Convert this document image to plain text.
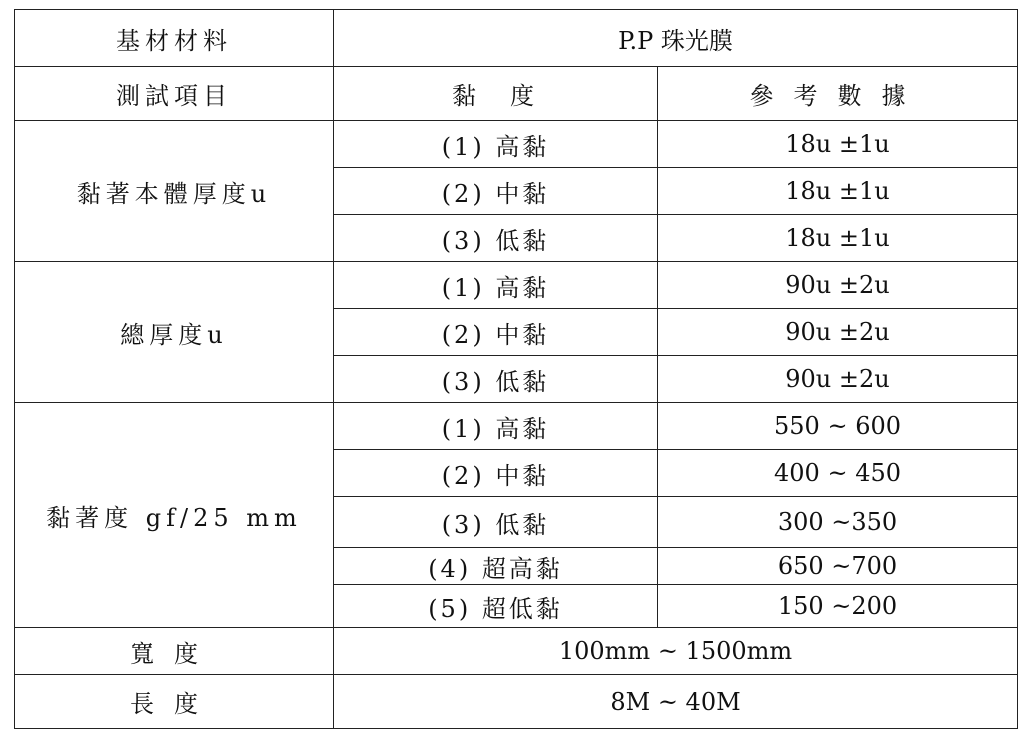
基材材料	P.P 珠光膜	
測試項目	黏　度	參考數據
黏著本體厚度u	(1) 高黏	18u ±1u
	(2) 中黏	18u ±1u
	(3) 低黏	18u ±1u
總厚度u	(1) 高黏	90u ±2u
	(2) 中黏	90u ±2u
	(3) 低黏	90u ±2u
黏著度 gf/25 mm	(1) 高黏	550 ~ 600
	(2) 中黏	400 ~ 450
	(3) 低黏	300 ~350
	(4) 超高黏	650 ~700
	(5) 超低黏	150 ~200
寬度	100mm ~ 1500mm	
長度	8M ~ 40M	
